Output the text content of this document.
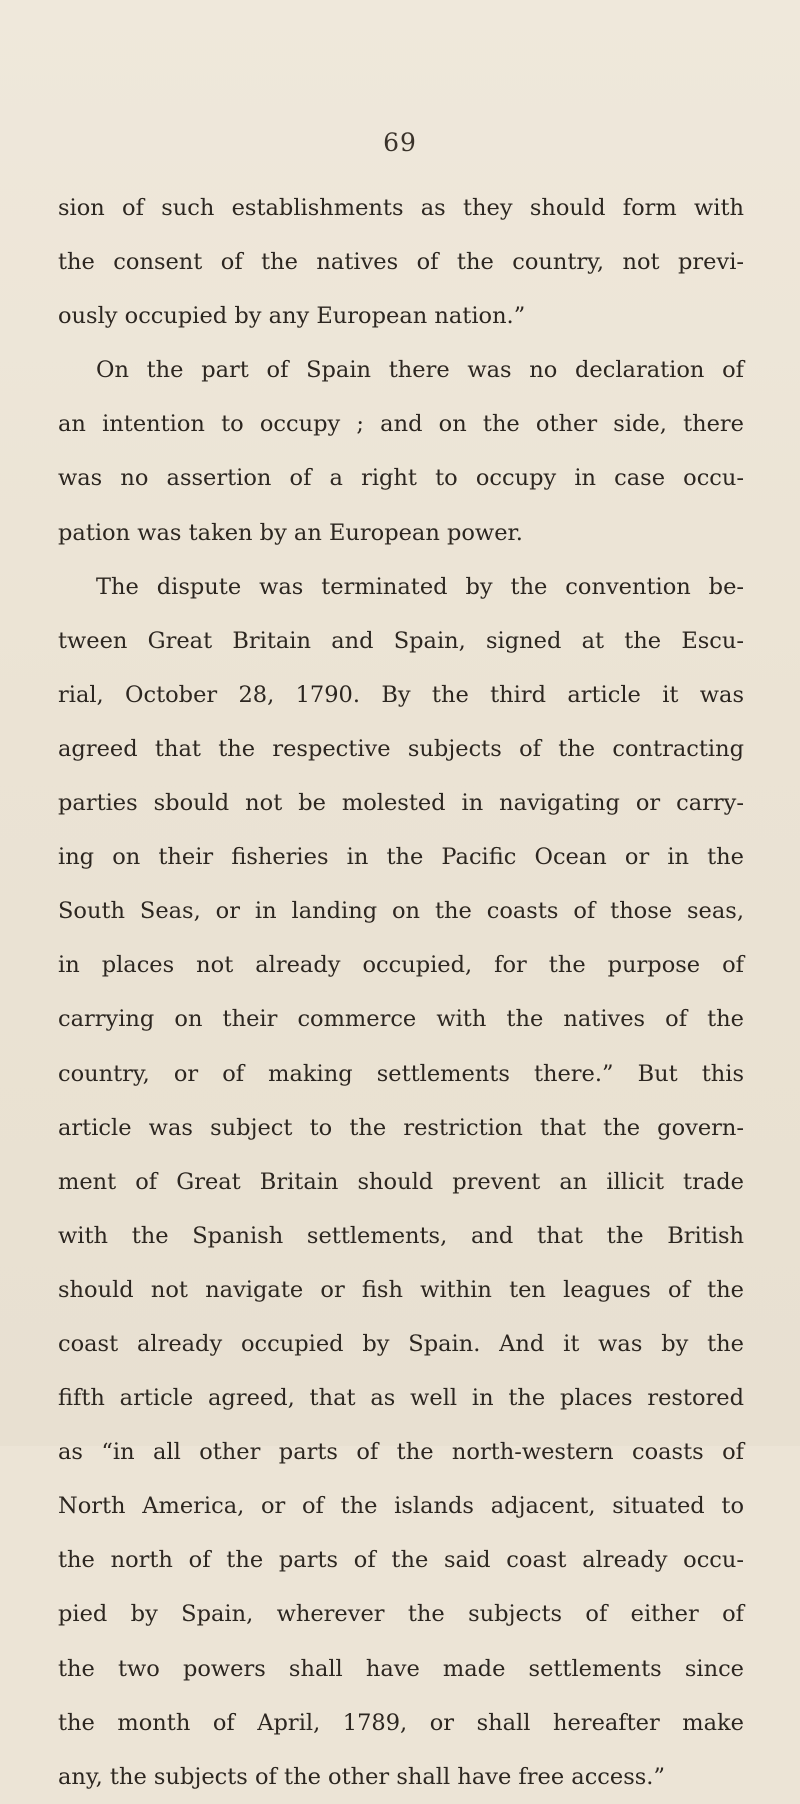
69
sion of such establishments as they should form with
the consent of the natives of the country, not previ-
ously occupied by any European nation.”
On the part of Spain there was no declaration of
an intention to occupy ; and on the other side, there
was no assertion of a right to occupy in case occu-
pation was taken by an European power.
The dispute was terminated by the convention be-
tween Great Britain and Spain, signed at the Escu-
rial, October 28, 1790. By the third article it was
agreed that the respective subjects of the contracting
parties sbould not be molested in navigating or carry-
ing on their fisheries in the Pacific Ocean or in the
South Seas, or in landing on the coasts of those seas,
in places not already occupied, for the purpose of
carrying on their commerce with the natives of the
country, or of making settlements there.” But this
article was subject to the restriction that the govern-
ment of Great Britain should prevent an illicit trade
with the Spanish settlements, and that the British
should not navigate or fish within ten leagues of the
coast already occupied by Spain. And it was by the
fifth article agreed, that as well in the places restored
as “in all other parts of the north-western coasts of
North America, or of the islands adjacent, situated to
the north of the parts of the said coast already occu-
pied by Spain, wherever the subjects of either of
the two powers shall have made settlements since
the month of April, 1789, or shall hereafter make
any, the subjects of the other shall have free access.”
